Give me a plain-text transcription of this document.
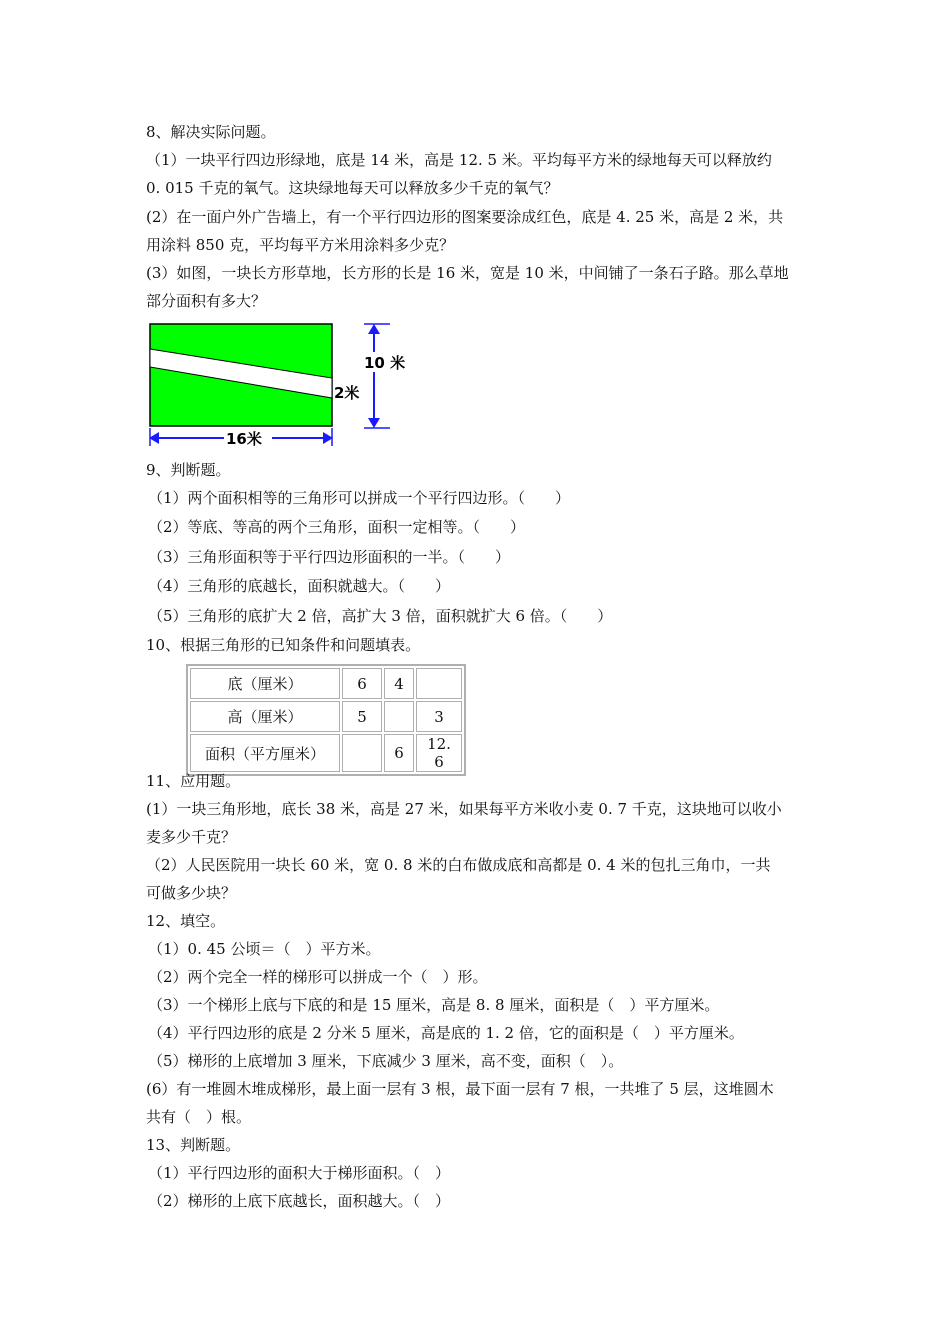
8、解决实际问题。
（1）一块平行四边形绿地，底是 14 米，高是 12. 5 米。平均每平方米的绿地每天可以释放约
0. 015 千克的氧气。这块绿地每天可以释放多少千克的氧气？
(2）在一面户外广告墙上，有一个平行四边形的图案要涂成红色，底是 4. 25 米，高是 2 米，共
用涂料 850 克，平均每平方米用涂料多少克？
(3）如图，一块长方形草地，长方形的长是 16 米，宽是 10 米，中间铺了一条石子路。那么草地
部分面积有多大？
10 米
2米
16米
9、判断题。
（1）两个面积相等的三角形可以拼成一个平行四边形。（　　）
（2）等底、等高的两个三角形，面积一定相等。（　　）
（3）三角形面积等于平行四边形面积的一半。（　　）
（4）三角形的底越长，面积就越大。（　　）
（5）三角形的底扩大 2 倍，高扩大 3 倍，面积就扩大 6 倍。（　　）
10、根据三角形的已知条件和问题填表。
底（厘米）	6	4	
高（厘米）	5		3
面积（平方厘米）		6	12. 6
11、应用题。
(1）一块三角形地，底长 38 米，高是 27 米，如果每平方米收小麦 0. 7 千克，这块地可以收小
麦多少千克？
（2）人民医院用一块长 60 米，宽 0. 8 米的白布做成底和高都是 0. 4 米的包扎三角巾，一共
可做多少块？
12、填空。
（1）0. 45 公顷＝（　）平方米。
（2）两个完全一样的梯形可以拼成一个（　）形。
（3）一个梯形上底与下底的和是 15 厘米，高是 8. 8 厘米，面积是（　）平方厘米。
（4）平行四边形的底是 2 分米 5 厘米，高是底的 1. 2 倍，它的面积是（　）平方厘米。
（5）梯形的上底增加 3 厘米，下底减少 3 厘米，高不变，面积（　）。
(6）有一堆圆木堆成梯形，最上面一层有 3 根，最下面一层有 7 根，一共堆了 5 层，这堆圆木
共有（　）根。
13、判断题。
（1）平行四边形的面积大于梯形面积。（　）
（2）梯形的上底下底越长，面积越大。（　）
